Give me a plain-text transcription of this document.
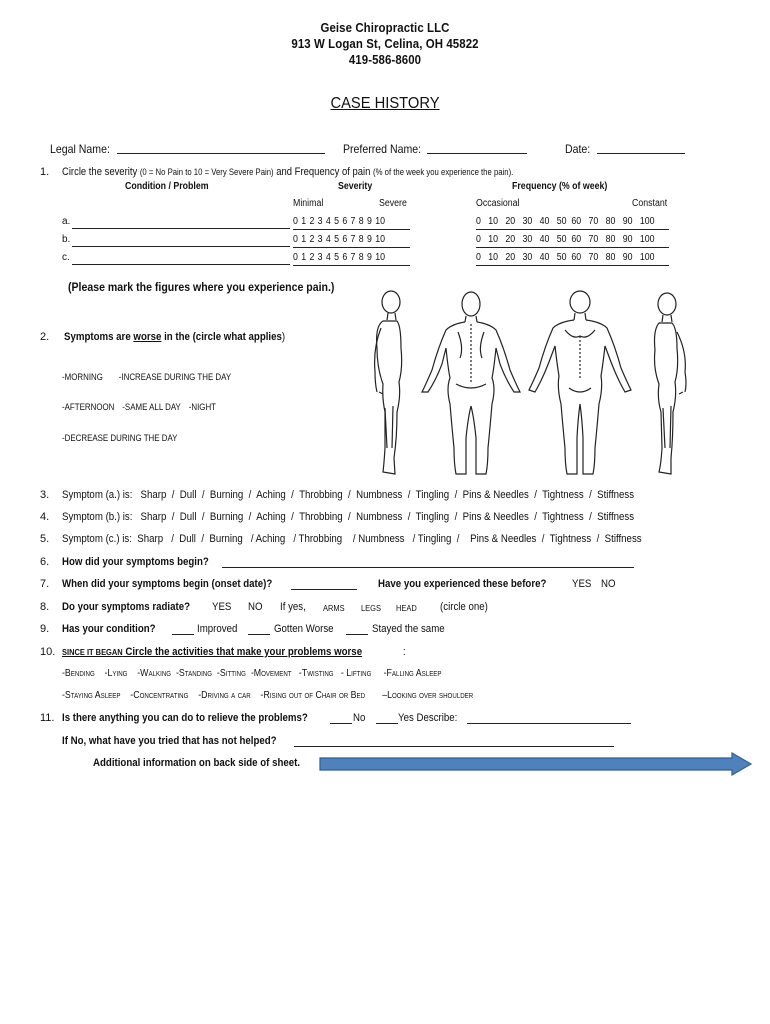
Geise Chiropractic LLC
913 W Logan St, Celina, OH 45822
419-586-8600
CASE HISTORY
Legal Name:	Preferred Name:	Date:
1. Circle the severity (0 = No Pain to 10 = Very Severe Pain) and Frequency of pain (% of the week you experience the pain).
Condition / Problem	Severity	Frequency (% of week)
Minimal	Severe	Occasional	Constant
a.	0 1 2 3 4 5 6 7 8 9 10	0   10   20   30   40   50  60   70   80   90   100
b.	0 1 2 3 4 5 6 7 8 9 10	0   10   20   30   40   50  60   70   80   90   100
c.	0 1 2 3 4 5 6 7 8 9 10	0   10   20   30   40   50  60   70   80   90   100
(Please mark the figures where you experience pain.)
2. Symptoms are worse in the (circle what applies)
-MORNING -INCREASE DURING THE DAY
-AFTERNOON -SAME ALL DAY -NIGHT
-DECREASE DURING THE DAY
3. Symptom (a.) is:   Sharp  /  Dull  /  Burning  /  Aching  /  Throbbing  /  Numbness  /  Tingling  /  Pins & Needles  /  Tightness  /  Stiffness
4. Symptom (b.) is:   Sharp  /  Dull  /  Burning  /  Aching  /  Throbbing  /  Numbness  /  Tingling  /  Pins & Needles  /  Tightness  /  Stiffness
5. Symptom (c.) is:  Sharp   /  Dull  /  Burning   / Aching   / Throbbing    / Numbness   / Tingling  /    Pins & Needles  /  Tightness  /  Stiffness
6. How did your symptoms begin?
7. When did your symptoms begin (onset date)?	Have you experienced these before?	YES NO
8. Do your symptoms radiate?	YES NO If yes,	ARMS	LEGS	HEAD (circle one)
9. Has your condition?	Improved	Gotten Worse	Stayed the same
10. SINCE IT BEGAN Circle the activities that make your problems worse	:
-Bending -Lying -Walking -Standing -Sitting -Movement -Twisting - Lifting -Falling Asleep
-Staying Asleep -Concentrating -Driving a car -Rising out of Chair or Bed –Looking over shoulder
11. Is there anything you can do to relieve the problems?	No	Yes Describe:
If No, what have you tried that has not helped?
Additional information on back side of sheet.
